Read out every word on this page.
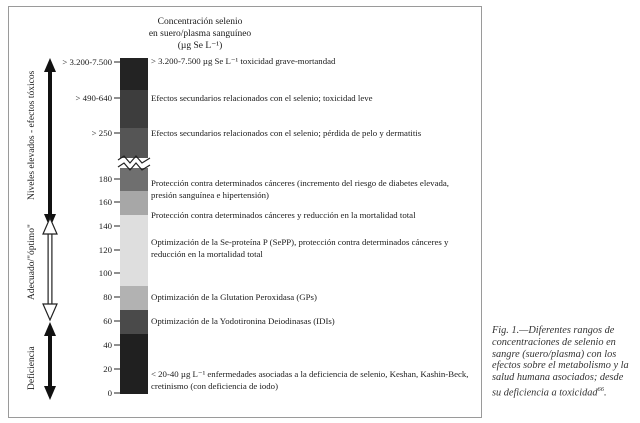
Concentración selenio
en suero/plasma sanguíneo
(µg Se L⁻¹)
Niveles elevados - efectos tóxicos
Adecuado/"óptimo"
Deficiencia
> 3.200-7.500
> 490-640
> 250
180
160
140
120
100
80
60
40
20
0
> 3.200-7.500 µg Se L⁻¹ toxicidad grave-mortandad
Efectos secundarios relacionados con el selenio; toxicidad leve
Efectos secundarios relacionados con el selenio; pérdida de pelo y dermatitis
Protección contra determinados cánceres (incremento del riesgo de diabetes elevada, presión sanguínea e hipertensión)
Protección contra determinados cánceres y reducción en la mortalidad total
Optimización de la Se-proteína P (SePP), protección contra determinados cánceres y reducción en la mortalidad total
Optimización de la Glutation Peroxidasa (GPs)
Optimización de la Yodotironina Deiodinasas (IDIs)
< 20-40 µg L⁻¹ enfermedades asociadas a la deficiencia de selenio, Keshan, Kashin-Beck, cretinismo (con deficiencia de iodo)
Fig. 1.—Diferentes rangos de concentraciones de selenio en sangre (suero/plasma) con los efectos sobre el metabolismo y la salud humana asociados; desde su deficiencia a toxicidad$^{66}$.
